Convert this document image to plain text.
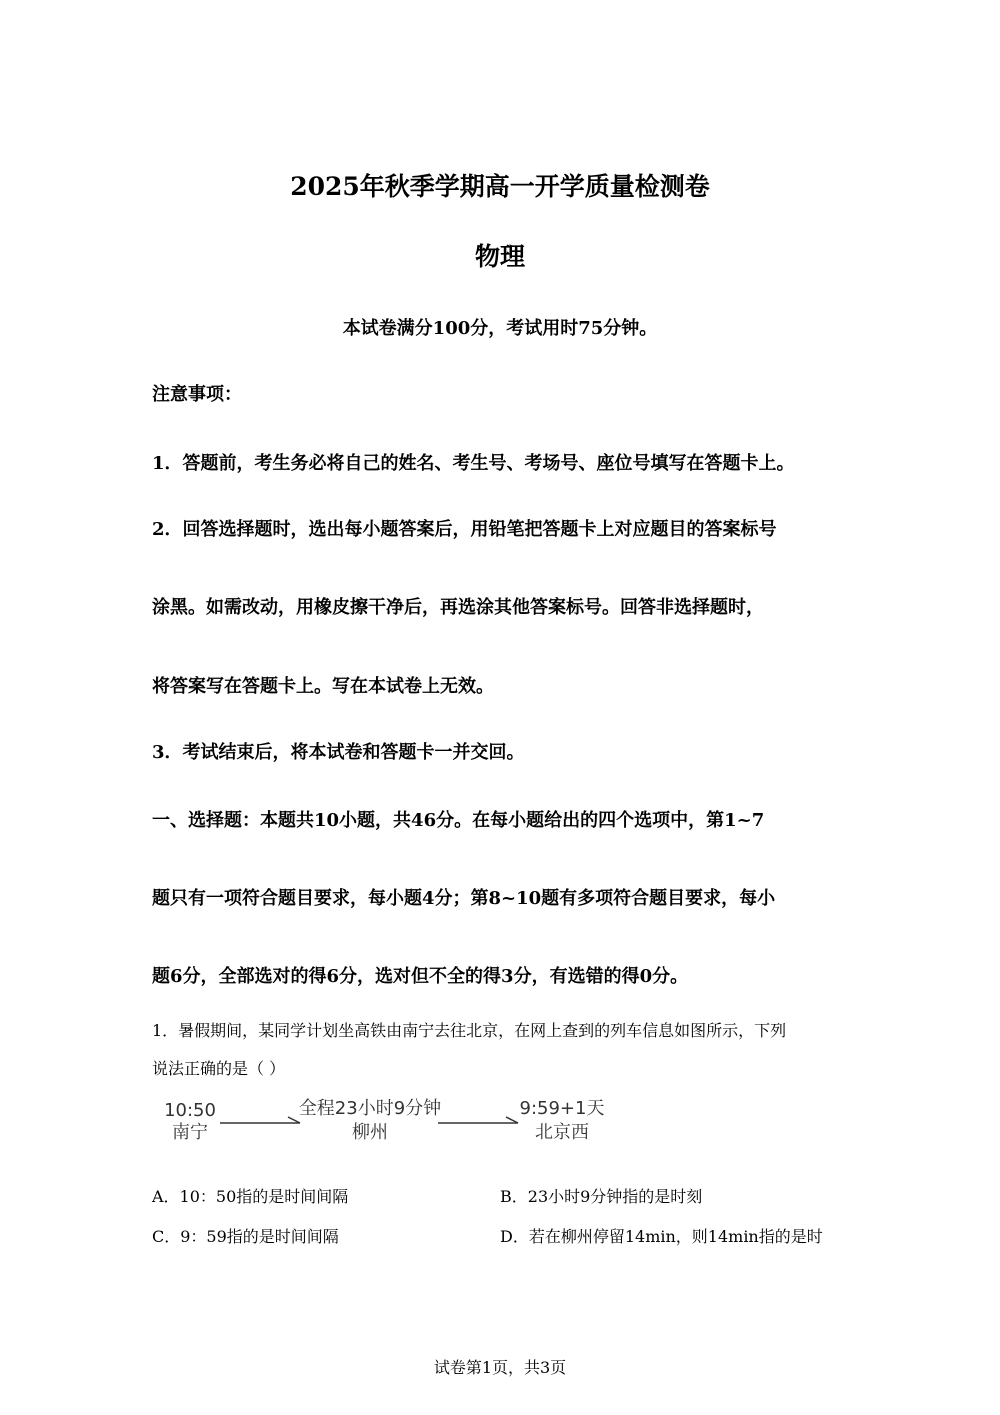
2025年秋季学期高一开学质量检测卷
物理
本试卷满分100分，考试用时75分钟。
注意事项：
1．答题前，考生务必将自己的姓名、考生号、考场号、座位号填写在答题卡上。
2．回答选择题时，选出每小题答案后，用铅笔把答题卡上对应题目的答案标号
涂黑。如需改动，用橡皮擦干净后，再选涂其他答案标号。回答非选择题时，
将答案写在答题卡上。写在本试卷上无效。
3．考试结束后，将本试卷和答题卡一并交回。
一、选择题：本题共10小题，共46分。在每小题给出的四个选项中，第1~7
题只有一项符合题目要求，每小题4分；第8~10题有多项符合题目要求，每小
题6分，全部选对的得6分，选对但不全的得3分，有选错的得0分。
1．暑假期间，某同学计划坐高铁由南宁去往北京，在网上查到的列车信息如图所示，下列
说法正确的是（ ）
10:50
南宁
全程23小时9分钟
柳州
9:59+1天
北京西
A．10：50指的是时间间隔	B．23小时9分钟指的是时刻
C．9：59指的是时间间隔	D．若在柳州停留14min，则14min指的是时
试卷第1页，共3页
